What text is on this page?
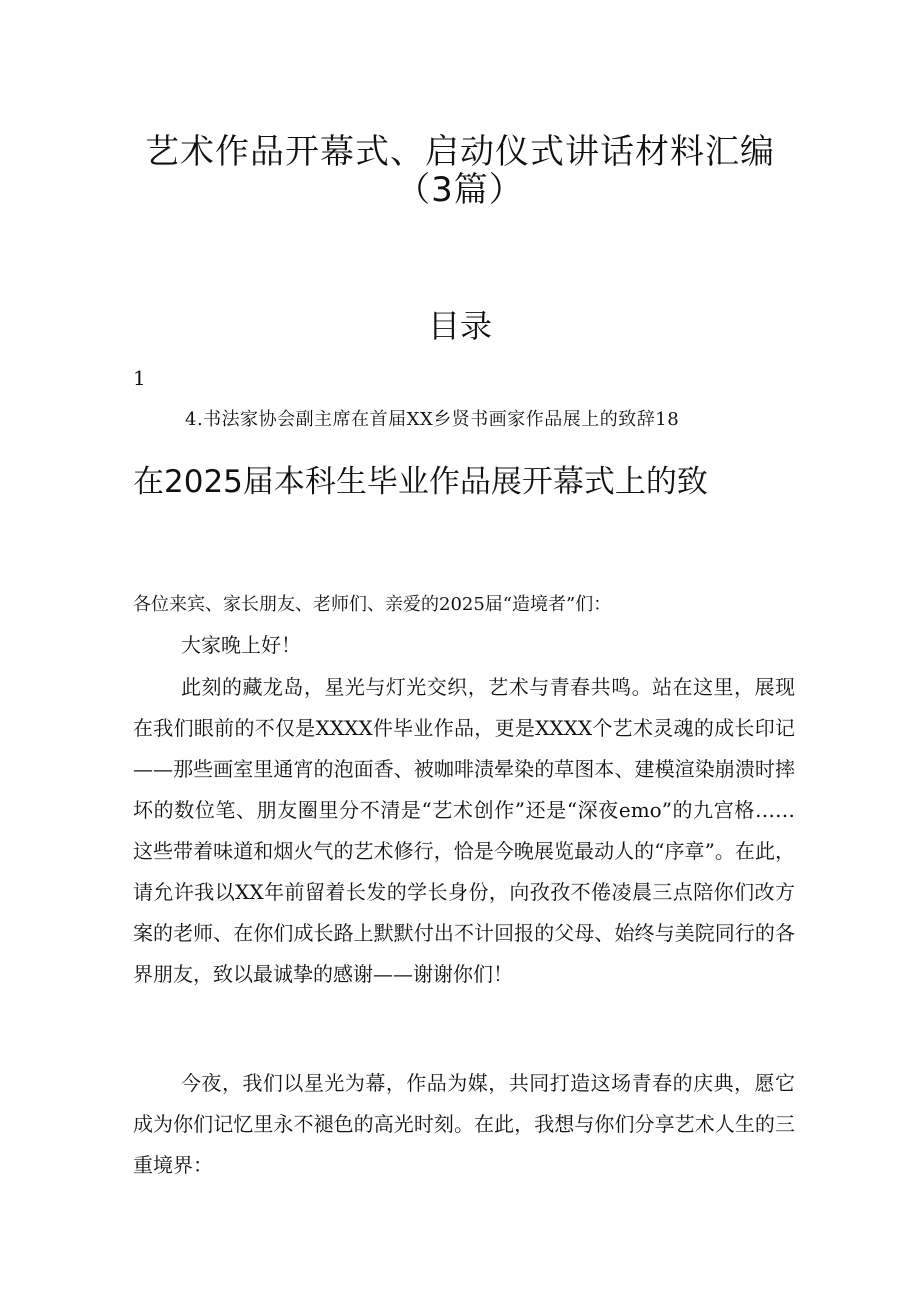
艺术作品开幕式、启动仪式讲话材料汇编
（3篇）
目录
1
4.书法家协会副主席在首届XX乡贤书画家作品展上的致辞18
在2025届本科生毕业作品展开幕式上的致
各位来宾、家长朋友、老师们、亲爱的2025届“造境者”们：

大家晚上好！

此刻的藏龙岛，星光与灯光交织，艺术与青春共鸣。站在这里，展现在我们眼前的不仅是XXXX件毕业作品，更是XXXX个艺术灵魂的成长印记——那些画室里通宵的泡面香、被咖啡渍晕染的草图本、建模渲染崩溃时摔坏的数位笔、朋友圈里分不清是“艺术创作”还是“深夜emo”的九宫格……这些带着味道和烟火气的艺术修行，恰是今晚展览最动人的“序章”。在此，请允许我以XX年前留着长发的学长身份，向孜孜不倦凌晨三点陪你们改方案的老师、在你们成长路上默默付出不计回报的父母、始终与美院同行的各界朋友，致以最诚挚的感谢——谢谢你们！

今夜，我们以星光为幕，作品为媒，共同打造这场青春的庆典，愿它成为你们记忆里永不褪色的高光时刻。在此，我想与你们分享艺术人生的三重境界：
